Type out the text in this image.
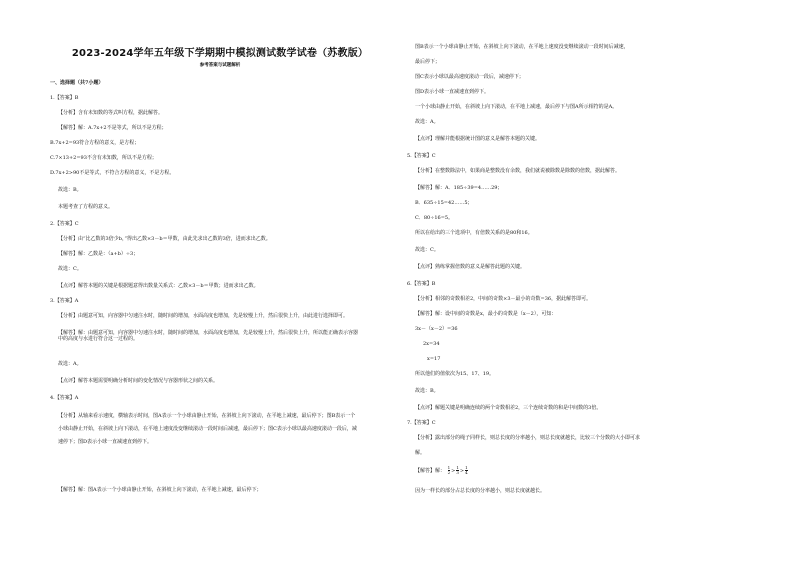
2023-2024学年五年级下学期期中模拟测试数学试卷（苏教版）
参考答案与试题解析
一、选择题（共7小题）
1.【答案】B
【分析】含有未知数的等式叫方程，据此解答。
【解答】解：A.7x+2不是等式，所以不是方程；
B.7x+2=93符合方程的意义，是方程；
C.7×13+2=93不含有未知数，所以不是方程；
D.7x+2>90不是等式，不符合方程的意义，不是方程。
故选：B。
本题考查了方程的意义。
2.【答案】C
【分析】由“比乙数的3倍少b，”得出乙数×3－b＝甲数，由此先求出乙数的3倍，进而求出乙数。
【解答】解：乙数是：（a+b）÷3；
故选：C。
【点评】解答本题的关键是根据题意得出数量关系式：乙数×3－b＝甲数；进而求出乙数。
3.【答案】A
【分析】由题意可知，向容器中匀速注水时，随时间的增加，水面高度也增加，先是较慢上升，然后很快上升，由此进行选择即可。
【解答】解：由题意可知，向容器中匀速注水时，随时间的增加，水面高度也增加，先是较慢上升，然后很快上升，所以能正确表示容器中的高度与水进行符合这一过程的。
故选：A。
【点评】解答本题需要明确分析时间的变化情况与容器形状之间的关系。
4.【答案】A
【分析】从轴来看示速度，横轴表示时间，图A表示一个小球由静止开始，在斜坡上向下滚动，在平地上减速，最后停下；图B表示一个小球由静止开始，在斜坡上向下滚动，在平地上速度没变继续滚动一段时间后减速，最后停下；图C表示小球以最高速度滚动一段后，减速停下；图D表示小球一直减速直到停下。
【解答】解：图A表示一个小球由静止开始，在斜坡上向下滚动，在平地上减速，最后停下；
图B表示一个小球由静止开始，在斜坡上向下滚动，在平地上速度没变继续滚动一段时间后减速，
最后停下；
图C表示小球以最高速度滚动一段后，减速停下；
图D表示小球一直减速直到停下。
一个小球由静止开始，在斜坡上向下滚动，在平地上减速，最后停下与图A所示相符的是A。
故选：A。
【点评】理解并能根据统计图的意义是解答本题的关键。
5.【答案】C
【分析】在整数除法中，如果商是整数没有余数，我们就说被除数是除数的倍数，据此解答。
【解答】解：A．185÷39=4……29；
B．635÷15=42……5；
C．80÷16=5。
所以在给出的三个选项中，有倍数关系的是80和16。
故选：C。
【点评】熟练掌握倍数的意义是解答此题的关键。
6.【答案】B
【分析】相邻的奇数相差2，中间的奇数×3－最小的奇数=36，据此解答即可。
【解答】解：设中间的奇数是x，最小的奇数是（x－2），可知：
3x－（x－2）=36
2x=34
x=17
所以他们的值依次为15、17、19。
故选：B。
【点评】解题关键是明确连续的两个奇数相差2，三个连续奇数的和是中间数的3倍。
7.【答案】C
【分析】露出部分的绳子同样长，则总长度的分率越小，则总长度就越长，比较三个分数的大小即可求
解。
【解答】解： $\frac{1}{2} > \frac{1}{3} > \frac{1}{4}$
因为一样长的部分占总长度的分率越小，则总长度就越长。
